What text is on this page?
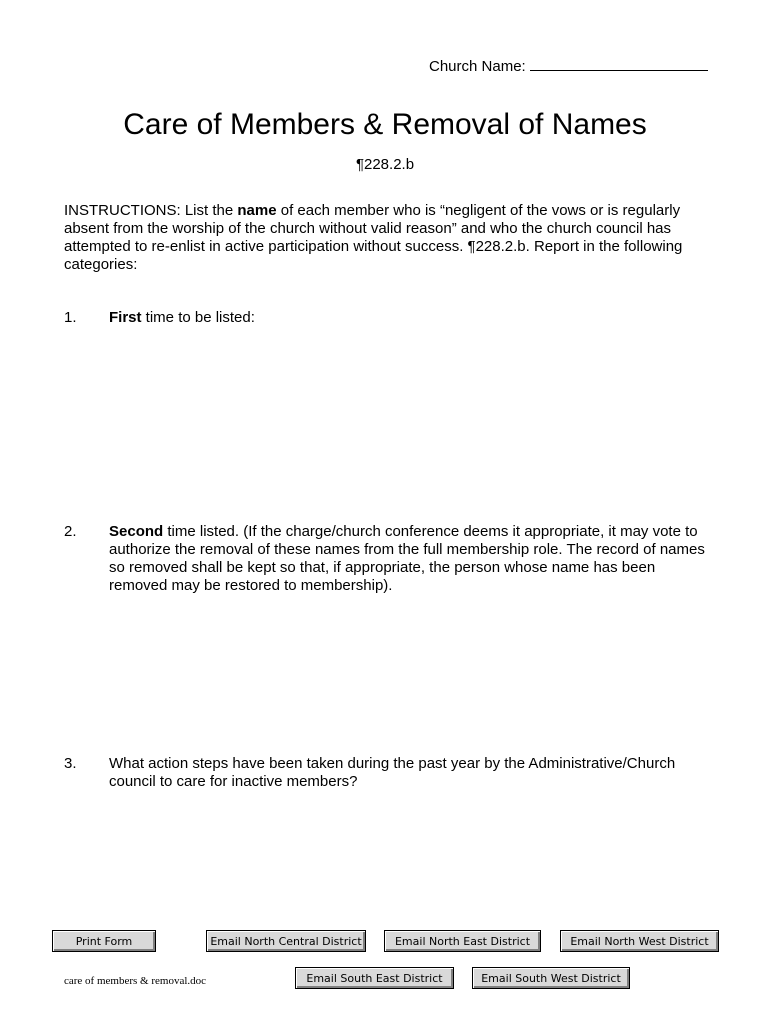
Church Name:
Care of Members & Removal of Names
¶228.2.b
INSTRUCTIONS: List the name of each member who is “negligent of the vows or is regularly absent from the worship of the church without valid reason” and who the church council has attempted to re-enlist in active participation without success. ¶228.2.b. Report in the following categories:
1. First time to be listed:
2. Second time listed. (If the charge/church conference deems it appropriate, it may vote to authorize the removal of these names from the full membership role. The record of names so removed shall be kept so that, if appropriate, the person whose name has been removed may be restored to membership).
3. What action steps have been taken during the past year by the Administrative/Church council to care for inactive members?
Print Form	Email North Central District	Email North East District	Email North West District
Email South East District	Email South West District
care of members & removal.doc
